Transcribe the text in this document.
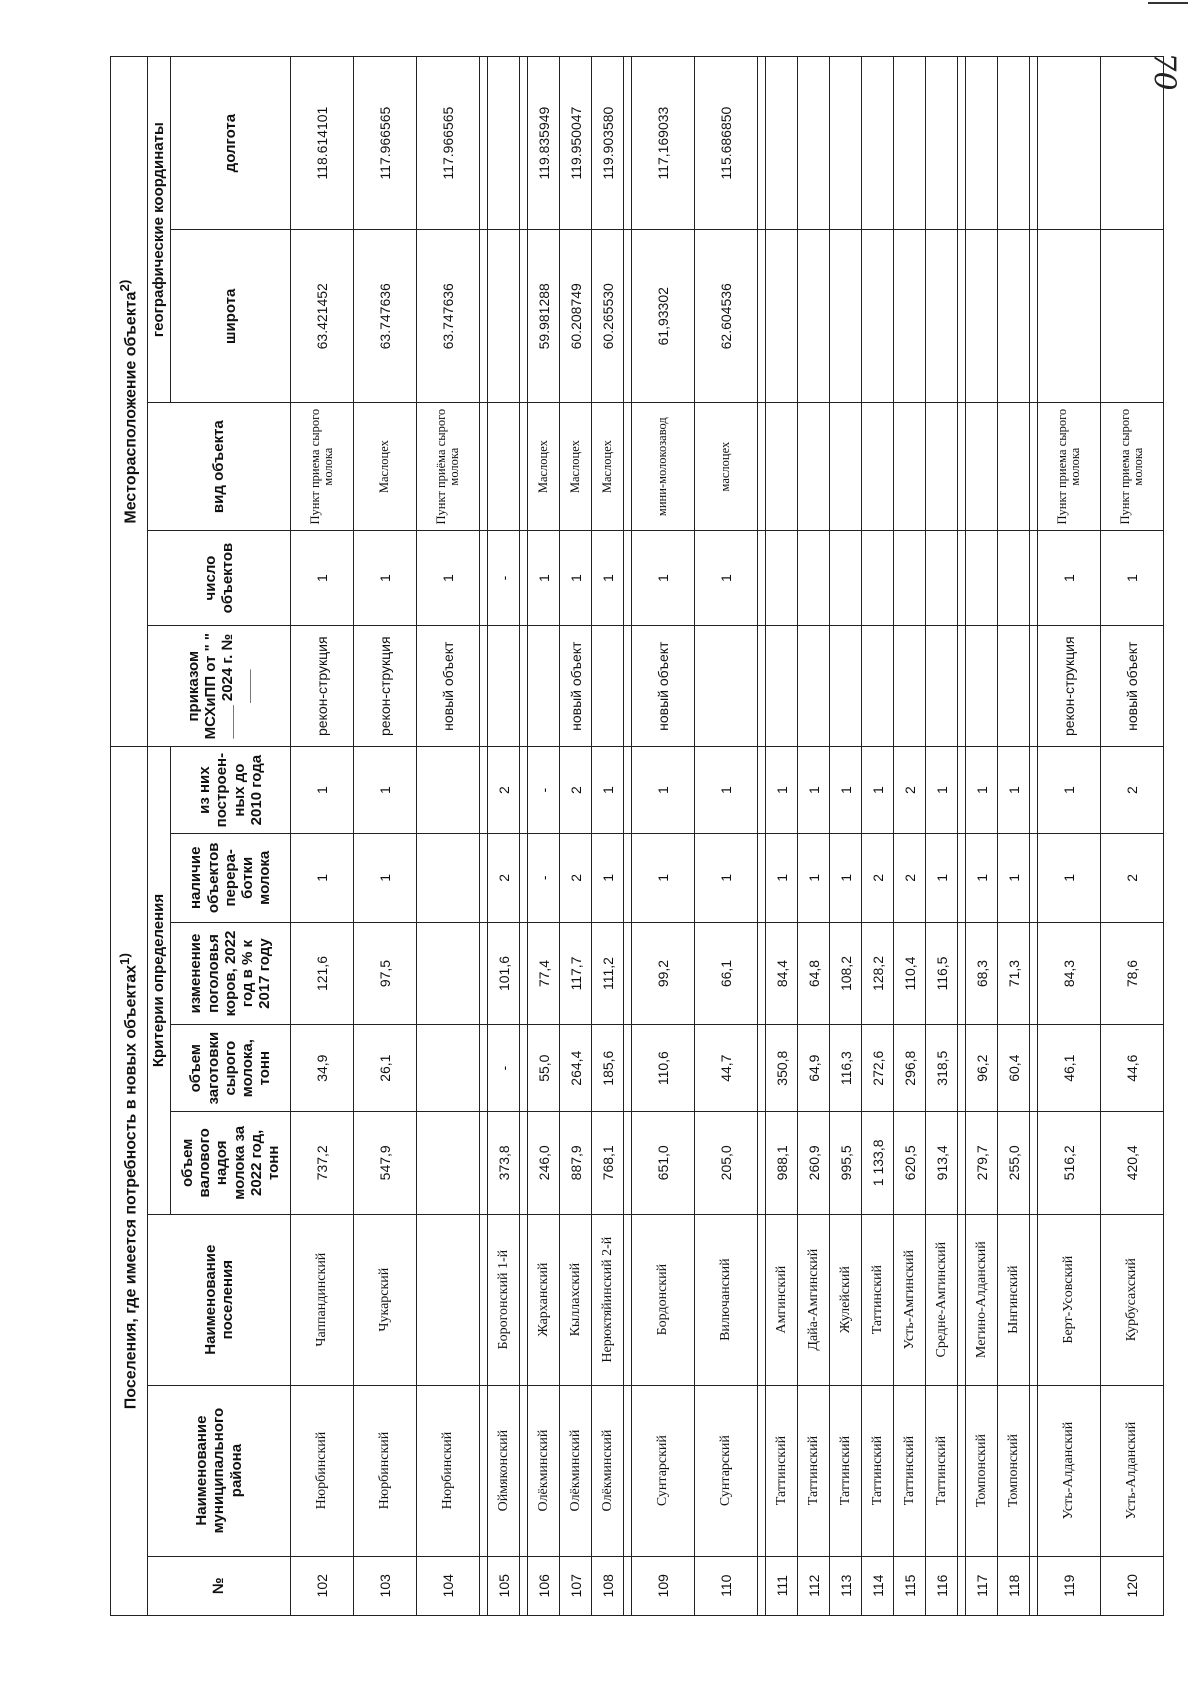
70
Поселения, где имеется потребность в новых объектах$^{1)}$								Месторасположение объекта$^{2)}$
№	Наименование муниципального района	Наименование поселения	Критерии определения					приказом МСХиПП от " " ____ 2024 г. № ____	число объектов	вид объекта	географические координаты	
			объем валового надоя молока за 2022 год, тонн	объем заготовки сырого молока, тонн	изменение поголовья коров, 2022 год в % к 2017 году	наличие объектов перера-ботки молока	из них построен-ных до 2010 года				широта	долгота

102	Нюрбинский	Чаппандинский	737,2	34,9	121,6	1	1	рекон-струкция	1	Пункт приема сырого молока	63.421452	118.614101
103	Нюрбинский	Чукарский	547,9	26,1	97,5	1	1	рекон-струкция	1	Маслоцех	63.747636	117.966565
104	Нюрбинский							новый объект	1	Пункт приёма сырого молока	63.747636	117.966565

105	Оймяконский	Борогонский 1-й	373,8	-	101,6	2	2		-			

106	Олёкминский	Жарханский	246,0	55,0	77,4	-	-		1	Маслоцех	59.981288	119.835949
107	Олёкминский	Кыллахский	887,9	264,4	117,7	2	2	новый объект	1	Маслоцех	60.208749	119.950047
108	Олёкминский	Нерюктяйинский 2-й	768,1	185,6	111,2	1	1		1	Маслоцех	60.265530	119.903580

109	Сунтарский	Бордонский	651,0	110,6	99,2	1	1	новый объект	1	мини-молокозавод	61,93302	117,169033
110	Сунтарский	Вилючанский	205,0	44,7	66,1	1	1		1	маслоцех	62.604536	115.686850

111	Таттинский	Амгинский	988,1	350,8	84,4	1	1					
112	Таттинский	Дайа-Амгинский	260,9	64,9	64,8	1	1					
113	Таттинский	Жулейский	995,5	116,3	108,2	1	1					
114	Таттинский	Таттинский	1 133,8	272,6	128,2	2	1					
115	Таттинский	Усть-Амгинский	620,5	296,8	110,4	2	2					
116	Таттинский	Средне-Амгинский	913,4	318,5	116,5	1	1					

117	Томпонский	Мегино-Алданский	279,7	96,2	68,3	1	1					
118	Томпонский	Ынгинский	255,0	60,4	71,3	1	1					

119	Усть-Алданский	Берт-Усовский	516,2	46,1	84,3	1	1	рекон-струкция	1	Пункт приема сырого молока		
120	Усть-Алданский	Курбусахский	420,4	44,6	78,6	2	2	новый объект	1	Пункт приема сырого молока		
